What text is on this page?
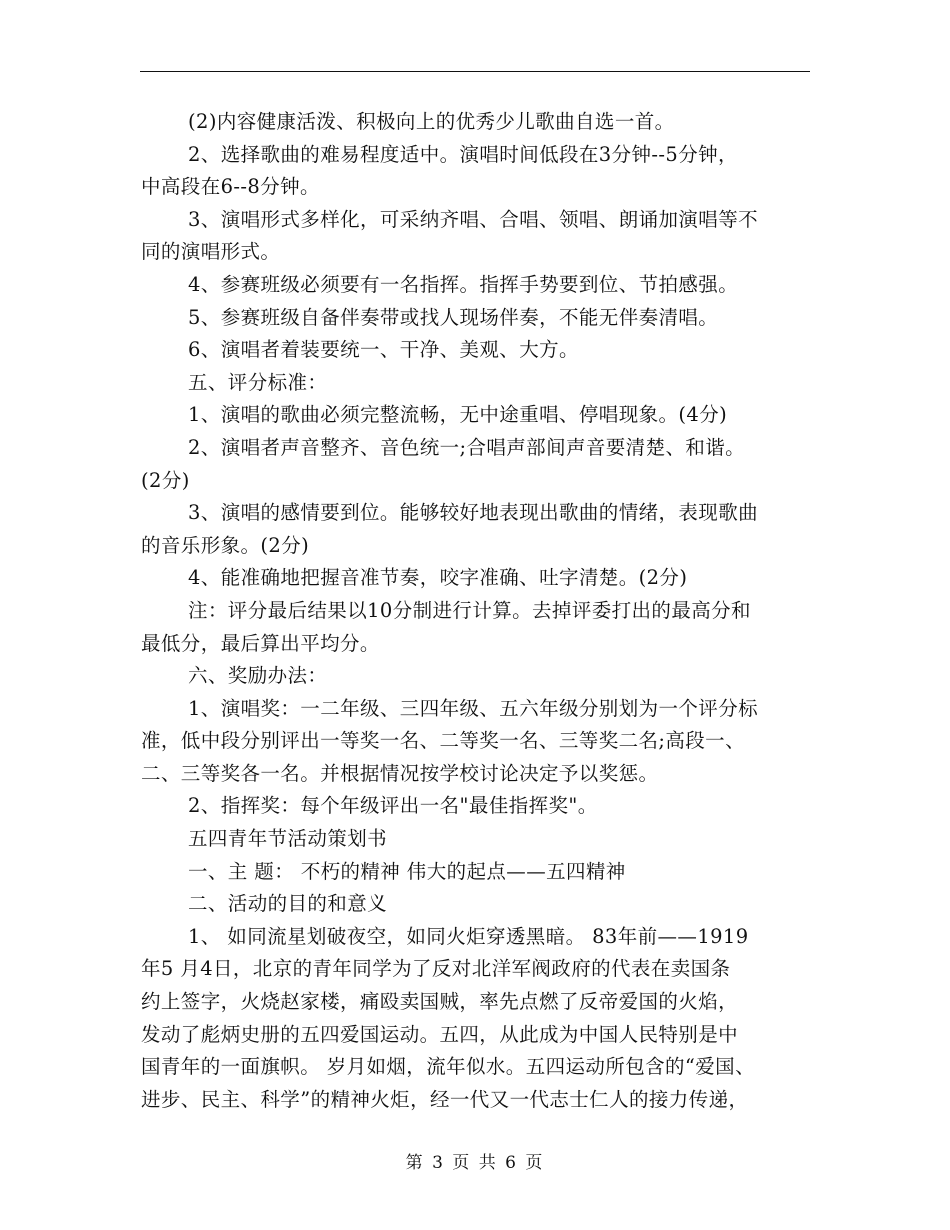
(2)内容健康活泼、积极向上的优秀少儿歌曲自选一首。
2、选择歌曲的难易程度适中。演唱时间低段在3分钟--5分钟，
中高段在6--8分钟。
3、演唱形式多样化，可采纳齐唱、合唱、领唱、朗诵加演唱等不
同的演唱形式。
4、参赛班级必须要有一名指挥。指挥手势要到位、节拍感强。
5、参赛班级自备伴奏带或找人现场伴奏，不能无伴奏清唱。
6、演唱者着装要统一、干净、美观、大方。
五、评分标准：
1、演唱的歌曲必须完整流畅，无中途重唱、停唱现象。(4分)
2、演唱者声音整齐、音色统一;合唱声部间声音要清楚、和谐。
(2分)
3、演唱的感情要到位。能够较好地表现出歌曲的情绪，表现歌曲
的音乐形象。(2分)
4、能准确地把握音准节奏，咬字准确、吐字清楚。(2分)
注：评分最后结果以10分制进行计算。去掉评委打出的最高分和
最低分，最后算出平均分。
六、奖励办法：
1、演唱奖：一二年级、三四年级、五六年级分别划为一个评分标
准，低中段分别评出一等奖一名、二等奖一名、三等奖二名;高段一、
二、三等奖各一名。并根据情况按学校讨论决定予以奖惩。
2、指挥奖：每个年级评出一名"最佳指挥奖"。
五四青年节活动策划书
一、主 题： 不朽的精神 伟大的起点——五四精神
二、活动的目的和意义
1、 如同流星划破夜空，如同火炬穿透黑暗。 83年前——1919
年5 月4日，北京的青年同学为了反对北洋军阀政府的代表在卖国条
约上签字，火烧赵家楼，痛殴卖国贼，率先点燃了反帝爱国的火焰，
发动了彪炳史册的五四爱国运动。五四，从此成为中国人民特别是中
国青年的一面旗帜。 岁月如烟，流年似水。五四运动所包含的“爱国、
进步、民主、科学”的精神火炬，经一代又一代志士仁人的接力传递，
第 3 页 共 6 页
